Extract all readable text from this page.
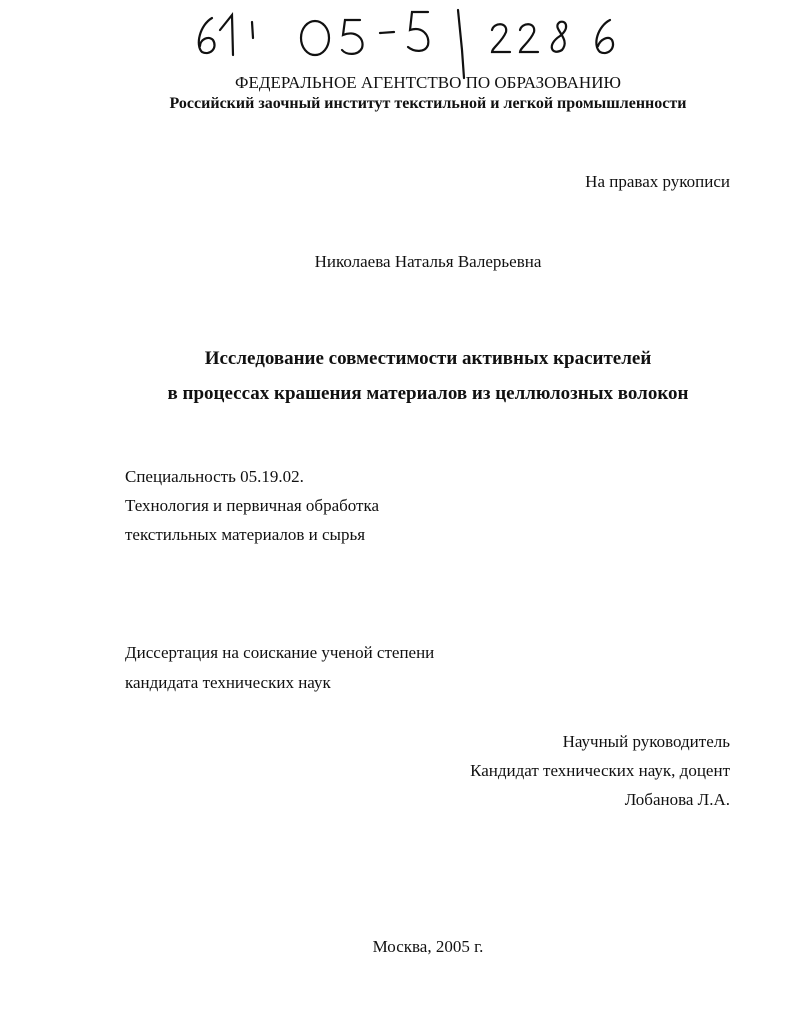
ФЕДЕРАЛЬНОЕ АГЕНТСТВО ПО ОБРАЗОВАНИЮ
Российский заочный институт текстильной и легкой промышленности
На правах рукописи
Николаева Наталья Валерьевна
Исследование совместимости активных красителей
в процессах крашения материалов из целлюлозных волокон
Специальность 05.19.02.
Технология и первичная обработка
текстильных материалов и сырья
Диссертация на соискание ученой степени
кандидата технических наук
Научный руководитель
Кандидат технических наук, доцент
Лобанова Л.А.
Москва, 2005 г.
